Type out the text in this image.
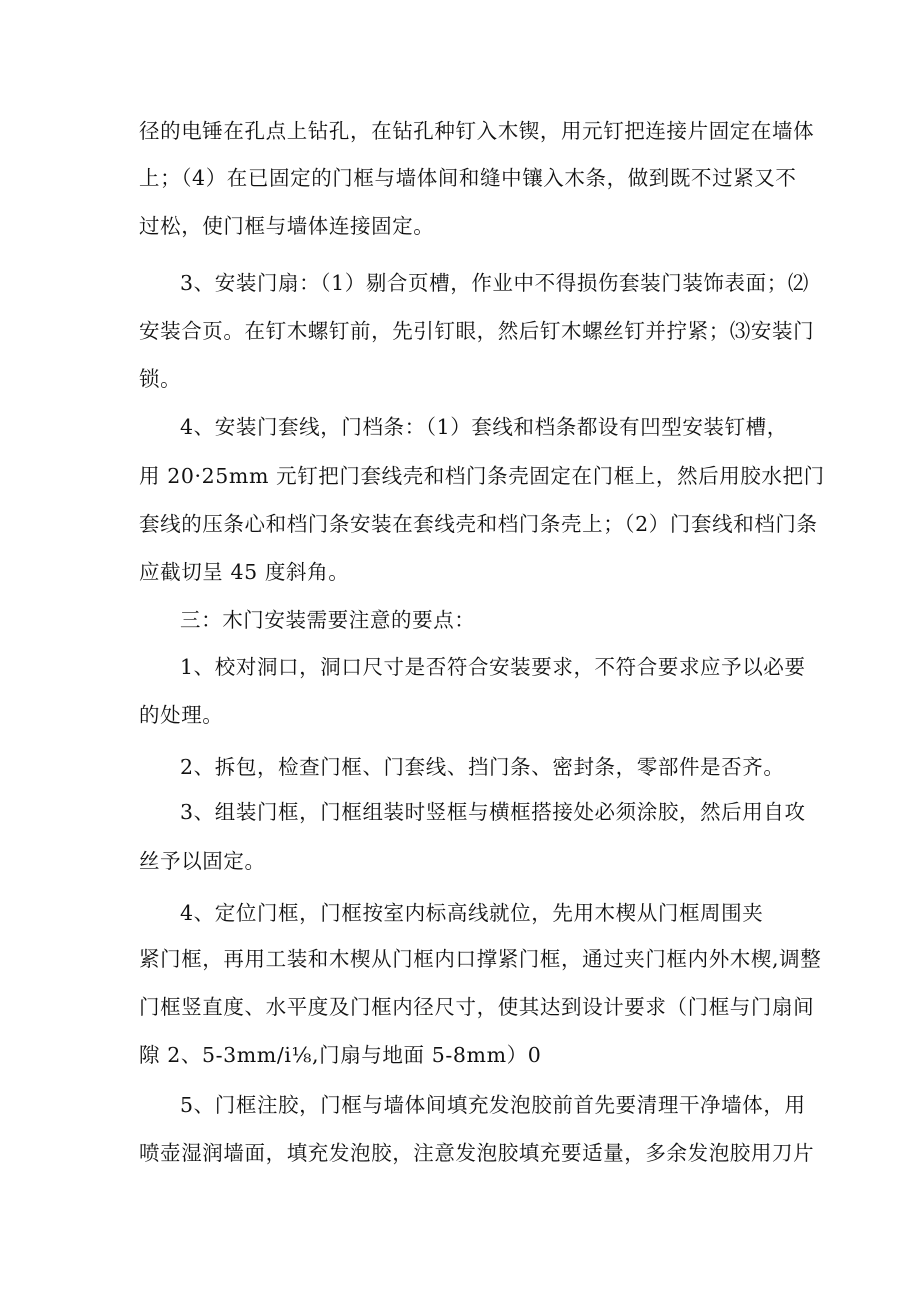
径的电锤在孔点上钻孔，在钻孔种钉入木锲，用元钉把连接片固定在墙体
上；（4）在已固定的门框与墙体间和缝中镶入木条，做到既不过紧又不
过松，使门框与墙体连接固定。
3、安装门扇：（1）剔合页槽，作业中不得损伤套装门装饰表面；⑵
安装合页。在钉木螺钉前，先引钉眼，然后钉木螺丝钉并拧紧；⑶安装门
锁。
4、安装门套线，门档条：（1）套线和档条都设有凹型安装钉槽，
用 20·25mm 元钉把门套线壳和档门条壳固定在门框上，然后用胶水把门
套线的压条心和档门条安装在套线壳和档门条壳上；（2）门套线和档门条
应截切呈 45 度斜角。
三：木门安装需要注意的要点：
1、校对洞口，洞口尺寸是否符合安装要求，不符合要求应予以必要
的处理。
2、拆包，检查门框、门套线、挡门条、密封条，零部件是否齐。
3、组装门框，门框组装时竖框与横框搭接处必须涂胶，然后用自攻
丝予以固定。
4、定位门框，门框按室内标高线就位，先用木楔从门框周围夹
紧门框，再用工装和木楔从门框内口撑紧门框，通过夹门框内外木楔,调整
门框竖直度、水平度及门框内径尺寸，使其达到设计要求（门框与门扇间
隙 2、5-3mm∕i⅛,门扇与地面 5-8mm）0
5、门框注胶，门框与墙体间填充发泡胶前首先要清理干净墙体，用
喷壶湿润墙面，填充发泡胶，注意发泡胶填充要适量，多余发泡胶用刀片
